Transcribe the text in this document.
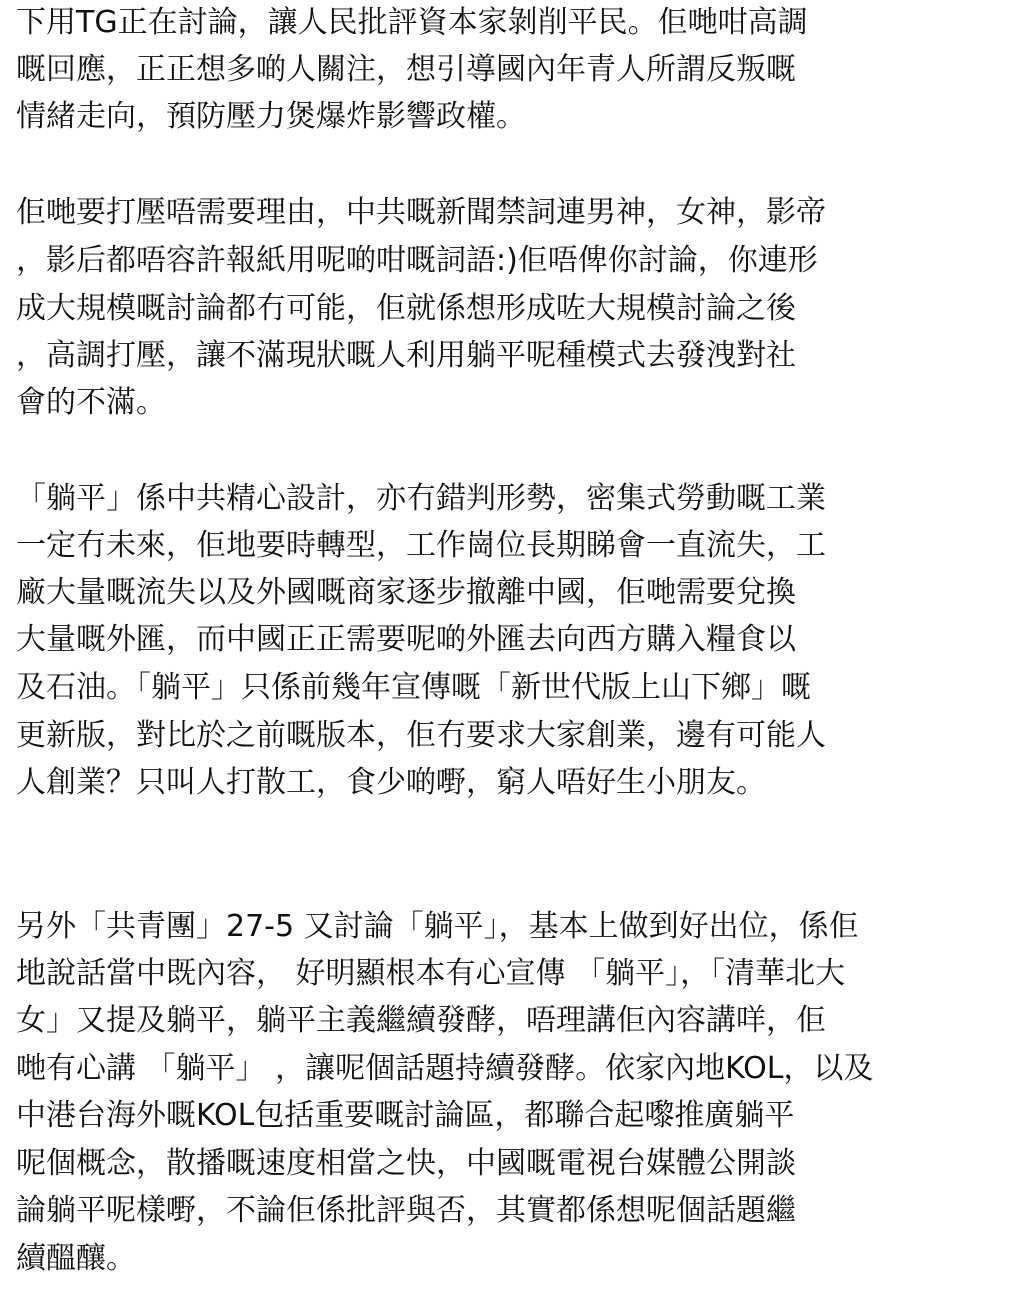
下用TG正在討論，讓人民批評資本家剝削平民。佢哋咁高調
嘅回應，正正想多啲人關注，想引導國內年青人所謂反叛嘅
情緒走向，預防壓力煲爆炸影響政權。
佢哋要打壓唔需要理由，中共嘅新聞禁詞連男神，女神，影帝
，影后都唔容許報紙用呢啲咁嘅詞語:)佢唔俾你討論，你連形
成大規模嘅討論都冇可能，佢就係想形成咗大規模討論之後
，高調打壓，讓不滿現狀嘅人利用躺平呢種模式去發洩對社
會的不滿。
「躺平」係中共精心設計，亦冇錯判形勢，密集式勞動嘅工業
一定冇未來，佢地要時轉型，工作崗位長期睇會一直流失，工
廠大量嘅流失以及外國嘅商家逐步撤離中國，佢哋需要兌換
大量嘅外匯，而中國正正需要呢啲外匯去向西方購入糧食以
及石油。「躺平」只係前幾年宣傳嘅「新世代版上山下鄉」嘅
更新版，對比於之前嘅版本，佢冇要求大家創業，邊有可能人
人創業？只叫人打散工，食少啲嘢，窮人唔好生小朋友。
另外「共青團」27-5 又討論「躺平」，基本上做到好出位，係佢
地說話當中既內容， 好明顯根本有心宣傳 「躺平」，「清華北大
女」又提及躺平，躺平主義繼續發酵，唔理講佢內容講咩，佢
哋有心講 「躺平」 ，讓呢個話題持續發酵。依家內地KOL，以及
中港台海外嘅KOL包括重要嘅討論區，都聯合起嚟推廣躺平
呢個概念，散播嘅速度相當之快，中國嘅電視台媒體公開談
論躺平呢樣嘢，不論佢係批評與否，其實都係想呢個話題繼
續醞釀。
